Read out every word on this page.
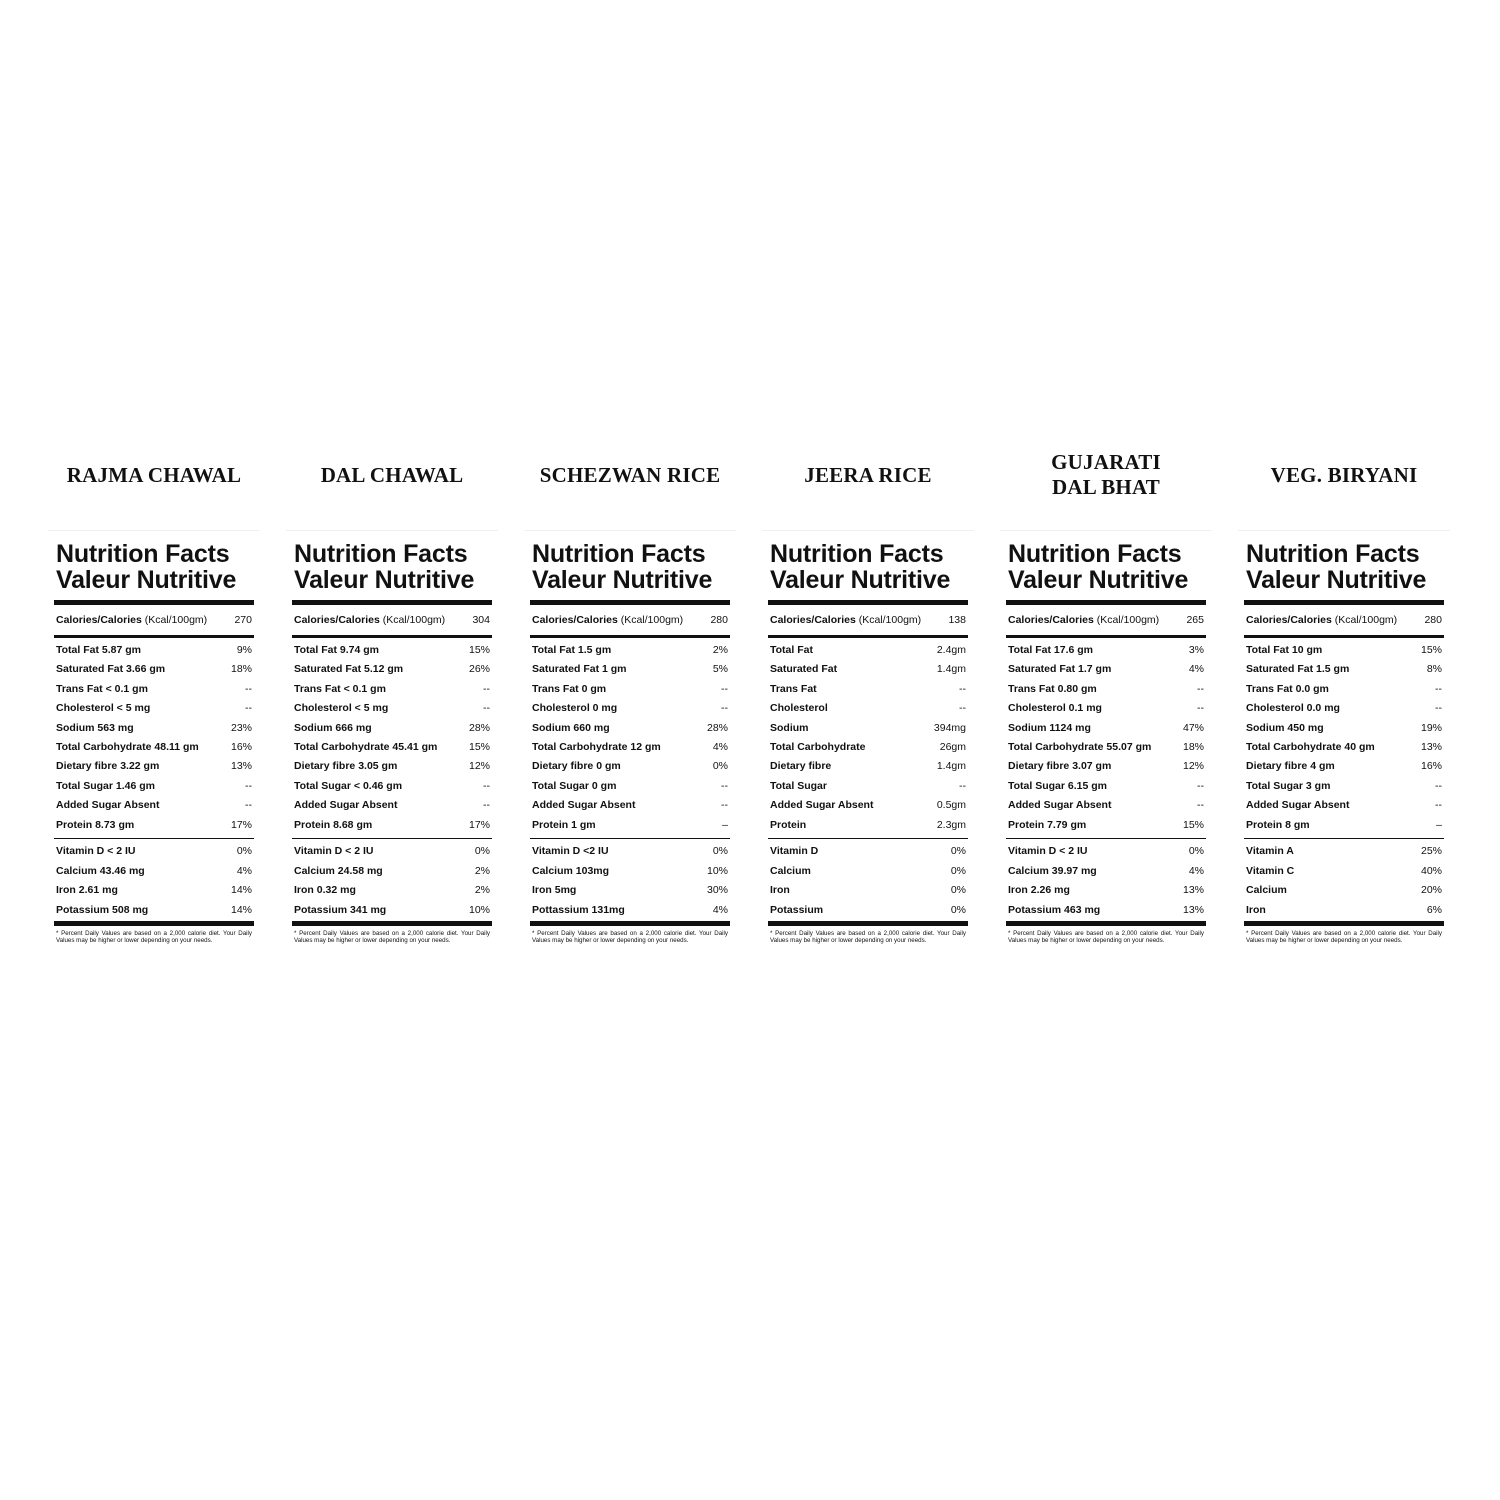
RAJMA CHAWAL
Nutrition Facts
Valeur Nutritive
Calories/Calories (Kcal/100gm)	270
Total Fat 5.87 gm	9%
Saturated Fat 3.66 gm	18%
Trans Fat < 0.1 gm	--
Cholesterol < 5 mg	--
Sodium 563 mg	23%
Total Carbohydrate 48.11 gm	16%
Dietary fibre 3.22 gm	13%
Total Sugar 1.46 gm	--
Added Sugar Absent	--
Protein 8.73 gm	17%
Vitamin D < 2 IU	0%
Calcium 43.46 mg	4%
Iron 2.61 mg	14%
Potassium 508 mg	14%
* Percent Daily Values are based on a 2,000 calorie diet. Your Daily Values may be higher or lower depending on your needs.
DAL CHAWAL
Nutrition Facts
Valeur Nutritive
Calories/Calories (Kcal/100gm)	304
Total Fat 9.74 gm	15%
Saturated Fat 5.12 gm	26%
Trans Fat < 0.1 gm	--
Cholesterol < 5 mg	--
Sodium 666 mg	28%
Total Carbohydrate 45.41 gm	15%
Dietary fibre 3.05 gm	12%
Total Sugar < 0.46 gm	--
Added Sugar Absent	--
Protein 8.68 gm	17%
Vitamin D < 2 IU	0%
Calcium 24.58 mg	2%
Iron 0.32 mg	2%
Potassium 341 mg	10%
* Percent Daily Values are based on a 2,000 calorie diet. Your Daily Values may be higher or lower depending on your needs.
SCHEZWAN RICE
Nutrition Facts
Valeur Nutritive
Calories/Calories (Kcal/100gm)	280
Total Fat 1.5 gm	2%
Saturated Fat 1 gm	5%
Trans Fat 0 gm	--
Cholesterol 0 mg	--
Sodium 660 mg	28%
Total Carbohydrate 12 gm	4%
Dietary fibre 0 gm	0%
Total Sugar 0 gm	--
Added Sugar Absent	--
Protein 1 gm	–
Vitamin D <2 IU	0%
Calcium 103mg	10%
Iron 5mg	30%
Pottassium 131mg	4%
* Percent Daily Values are based on a 2,000 calorie diet. Your Daily Values may be higher or lower depending on your needs.
JEERA RICE
Nutrition Facts
Valeur Nutritive
Calories/Calories (Kcal/100gm)	138
Total Fat	2.4gm
Saturated Fat	1.4gm
Trans Fat	--
Cholesterol	--
Sodium	394mg
Total Carbohydrate	26gm
Dietary fibre	1.4gm
Total Sugar	--
Added Sugar Absent	0.5gm
Protein	2.3gm
Vitamin D	0%
Calcium	0%
Iron	0%
Potassium	0%
* Percent Daily Values are based on a 2,000 calorie diet. Your Daily Values may be higher or lower depending on your needs.
GUJARATI
DAL BHAT
Nutrition Facts
Valeur Nutritive
Calories/Calories (Kcal/100gm)	265
Total Fat 17.6 gm	3%
Saturated Fat 1.7 gm	4%
Trans Fat 0.80 gm	--
Cholesterol 0.1 mg	--
Sodium 1124 mg	47%
Total Carbohydrate 55.07 gm	18%
Dietary fibre 3.07 gm	12%
Total Sugar 6.15 gm	--
Added Sugar Absent	--
Protein 7.79 gm	15%
Vitamin D < 2 IU	0%
Calcium 39.97 mg	4%
Iron 2.26 mg	13%
Potassium 463 mg	13%
* Percent Daily Values are based on a 2,000 calorie diet. Your Daily Values may be higher or lower depending on your needs.
VEG. BIRYANI
Nutrition Facts
Valeur Nutritive
Calories/Calories (Kcal/100gm)	280
Total Fat 10 gm	15%
Saturated Fat 1.5 gm	8%
Trans Fat 0.0 gm	--
Cholesterol 0.0 mg	--
Sodium 450 mg	19%
Total Carbohydrate 40 gm	13%
Dietary fibre 4 gm	16%
Total Sugar 3 gm	--
Added Sugar Absent	--
Protein 8 gm	–
Vitamin A	25%
Vitamin C	40%
Calcium	20%
Iron	6%
* Percent Daily Values are based on a 2,000 calorie diet. Your Daily Values may be higher or lower depending on your needs.
